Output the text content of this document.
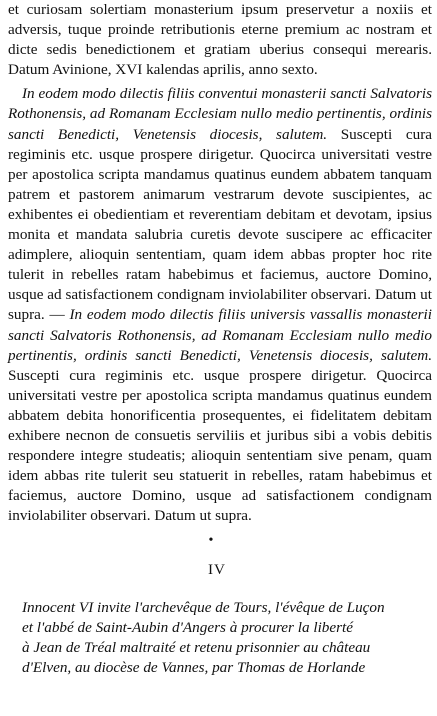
et curiosam solertiam monasterium ipsum preservetur a noxiis et adversis, tuque proinde retributionis eterne premium ac nostram et dicte sedis benedictionem et gratiam uberius consequi merearis. Datum Avinione, XVI kalendas aprilis, anno sexto.

In eodem modo dilectis filiis conventui monasterii sancti Salvatoris Rothonensis, ad Romanam Ecclesiam nullo medio pertinentis, ordinis sancti Benedicti, Venetensis diocesis, salutem. Suscepti cura regiminis etc. usque prospere dirigetur. Quocirca universitati vestre per apostolica scripta mandamus quatinus eundem abbatem tanquam patrem et pastorem animarum vestrarum devote suscipientes, ac exhibentes ei obedientiam et reverentiam debitam et devotam, ipsius monita et mandata salubria curetis devote suscipere ac efficaciter adimplere, alioquin sententiam, quam idem abbas propter hoc rite tulerit in rebelles ratam habebimus et faciemus, auctore Domino, usque ad satisfactionem condignam inviolabiliter observari. Datum ut supra. — In eodem modo dilectis filiis universis vassallis monasterii sancti Salvatoris Rothonensis, ad Romanam Ecclesiam nullo medio pertinentis, ordinis sancti Benedicti, Venetensis diocesis, salutem. Suscepti cura regiminis etc. usque prospere dirigetur. Quocirca universitati vestre per apostolica scripta mandamus quatinus eundem abbatem debita honorificentia prosequentes, ei fidelitatem debitam exhibere necnon de consuetis serviliis et juribus sibi a vobis debitis respondere integre studeatis; alioquin sententiam sive penam, quam idem abbas rite tulerit seu statuerit in rebelles, ratam habebimus et faciemus, auctore Domino, usque ad satisfactionem condignam inviolabiliter observari. Datum ut supra.

•
IV

Innocent VI invite l'archevêque de Tours, l'évêque de Luçon
et l'abbé de Saint-Aubin d'Angers à procurer la liberté
à Jean de Tréal maltraité et retenu prisonnier au château
d'Elven, au diocèse de Vannes, par Thomas de Horlande
